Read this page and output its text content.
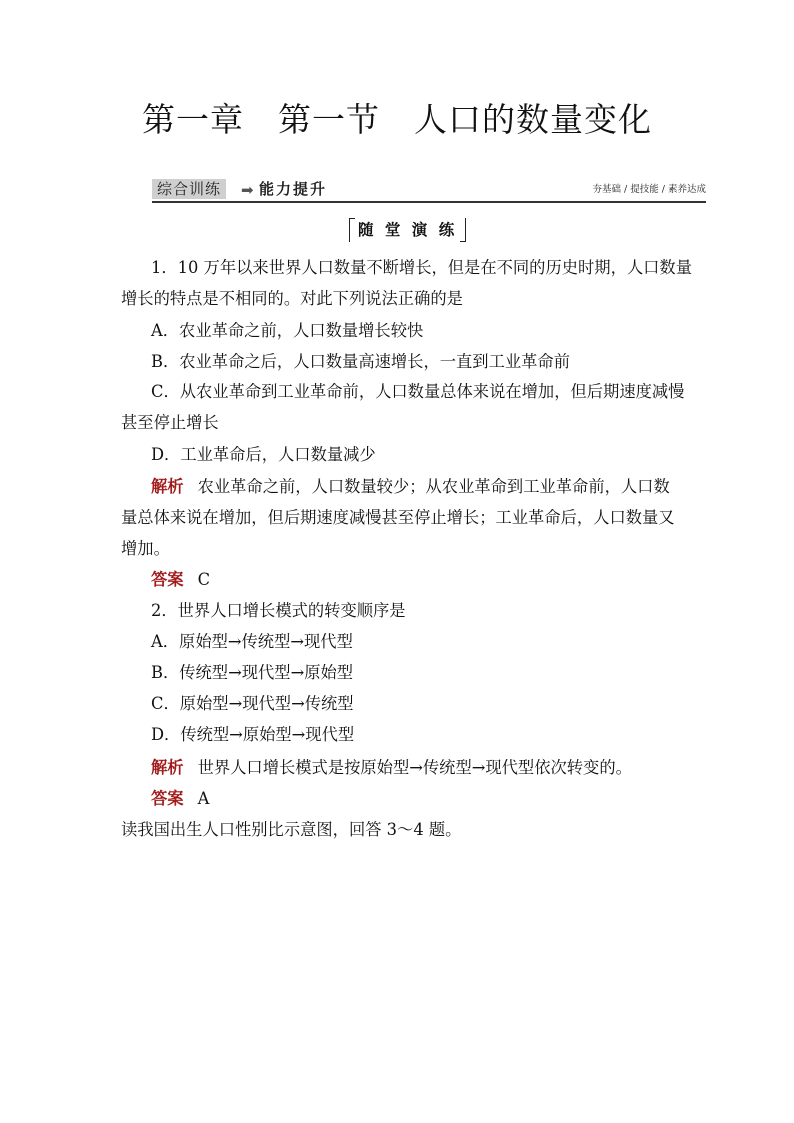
第一章　第一节　人口的数量变化
综合训练	➡ 能力提升	夯基础 / 提技能 / 素养达成
随 堂 演 练
1．10 万年以来世界人口数量不断增长，但是在不同的历史时期，人口数量
增长的特点是不相同的。对此下列说法正确的是
A．农业革命之前，人口数量增长较快
B．农业革命之后，人口数量高速增长，一直到工业革命前
C．从农业革命到工业革命前，人口数量总体来说在增加，但后期速度减慢
甚至停止增长
D．工业革命后，人口数量减少
解析 农业革命之前，人口数量较少；从农业革命到工业革命前，人口数
量总体来说在增加，但后期速度减慢甚至停止增长；工业革命后，人口数量又
增加。
答案 C
2．世界人口增长模式的转变顺序是
A．原始型→传统型→现代型
B．传统型→现代型→原始型
C．原始型→现代型→传统型
D．传统型→原始型→现代型
解析 世界人口增长模式是按原始型→传统型→现代型依次转变的。
答案 A
读我国出生人口性别比示意图，回答 3～4 题。
